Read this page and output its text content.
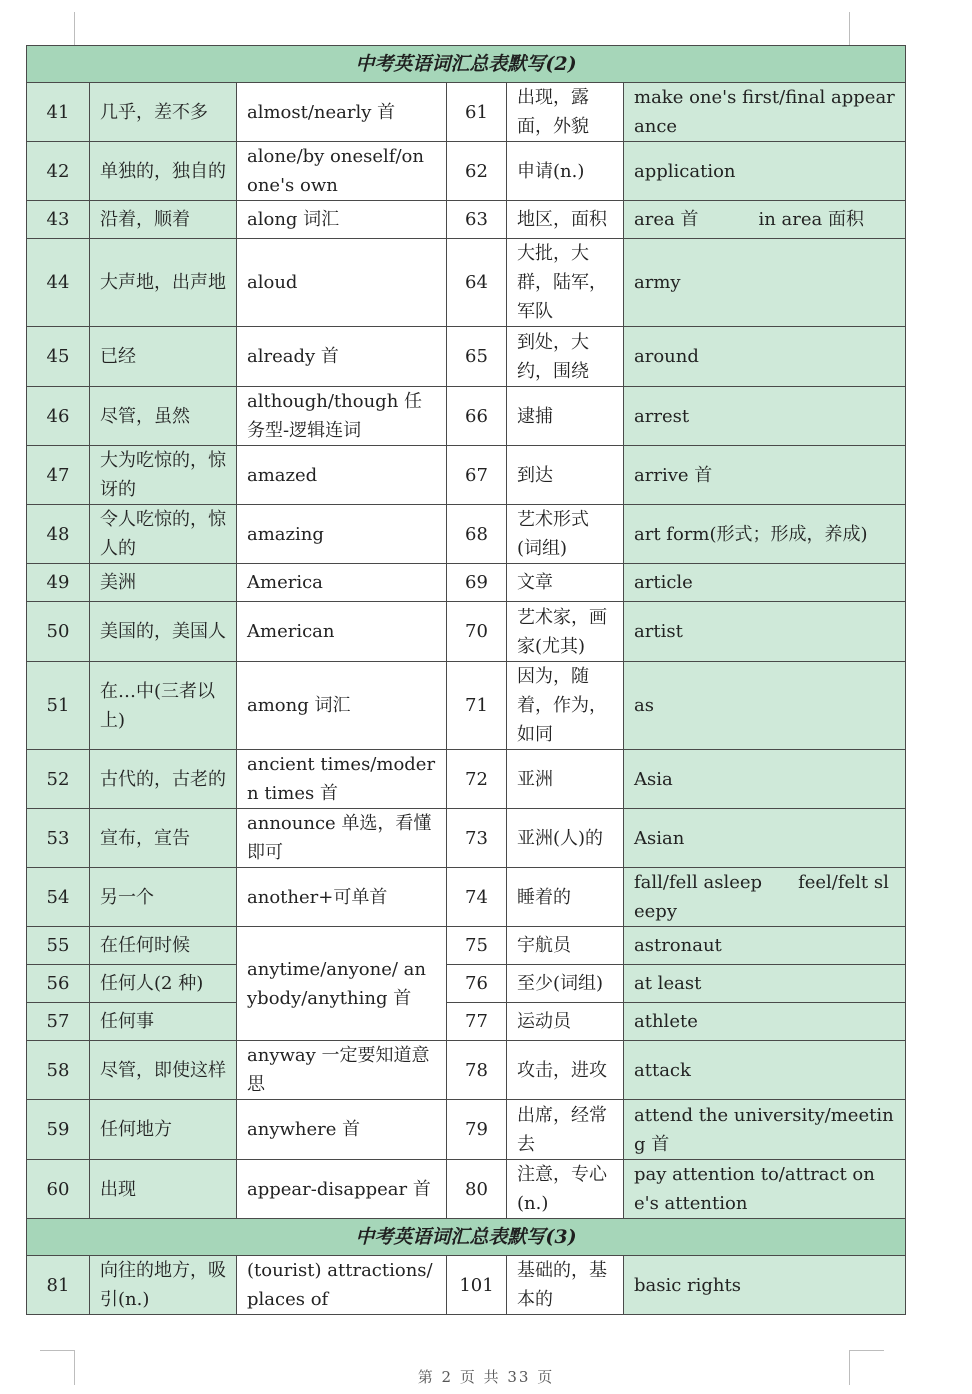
中考英语词汇总表默写(2)					
41	几乎，差不多	almost/nearly 首	61	出现，露面，外貌	make one's first/final appearance
42	单独的，独自的	alone/by oneself/on one's own	62	申请(n.)	application
43	沿着，顺着	along 词汇	63	地区，面积	area 首 in area 面积
44	大声地，出声地	aloud	64	大批，大群，陆军，军队	army
45	已经	already 首	65	到处，大约，围绕	around
46	尽管，虽然	although/though 任务型-逻辑连词	66	逮捕	arrest
47	大为吃惊的，惊讶的	amazed	67	到达	arrive 首
48	令人吃惊的，惊人的	amazing	68	艺术形式(词组)	art form(形式；形成，养成)
49	美洲	America	69	文章	article
50	美国的，美国人	American	70	艺术家，画家(尤其)	artist
51	在…中(三者以上)	among 词汇	71	因为，随着，作为，如同	as
52	古代的，古老的	ancient times/modern times 首	72	亚洲	Asia
53	宣布，宣告	announce 单选，看懂即可	73	亚洲(人)的	Asian
54	另一个	another+可单首	74	睡着的	fall/fell asleep　　feel/felt sleepy
55	在任何时候	anytime/anyone/ anybody/anything 首	75	宇航员	astronaut
56	任何人(2 种)		76	至少(词组)	at least
57	任何事		77	运动员	athlete
58	尽管，即使这样	anyway 一定要知道意思	78	攻击，进攻	attack
59	任何地方	anywhere 首	79	出席，经常去	attend the university/meeting 首
60	出现	appear-disappear 首	80	注意，专心(n.)	pay attention to/attract one's attention
中考英语词汇总表默写(3)					
81	向往的地方，吸引(n.)	(tourist) attractions/places of	101	基础的，基本的	basic rights
第 2 页 共 33 页
